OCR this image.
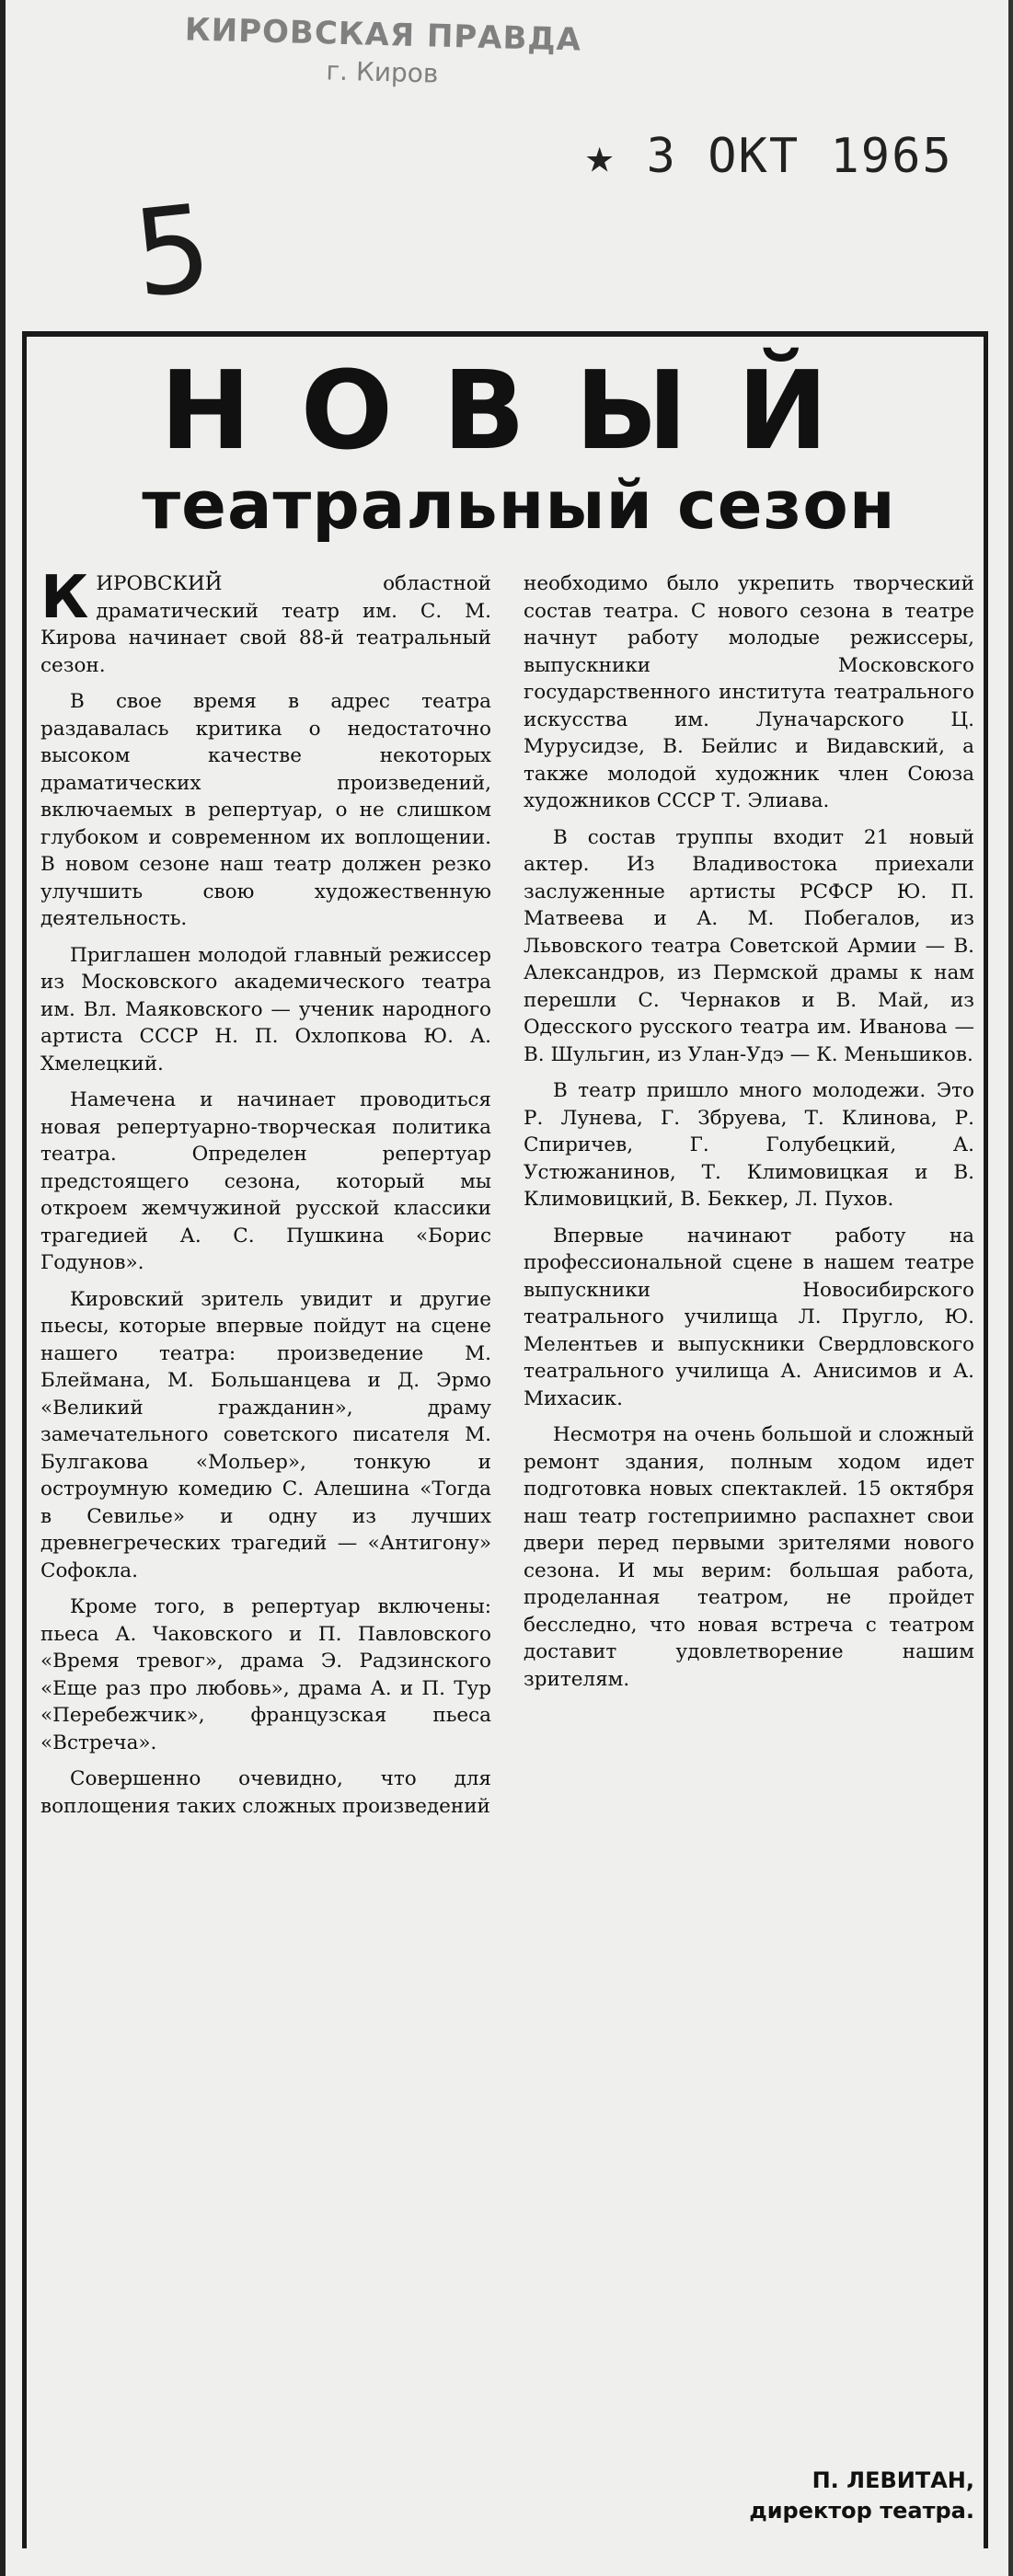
КИРОВСКАЯ ПРАВДА
г. Киров
★ 3 ОКТ 1965
5
НОВЫЙ
театральный сезон

КИРОВСКИЙ областной драматический театр им. С. М. Кирова начинает свой 88-й театральный сезон.

В свое время в адрес театра раздавалась критика о недостаточно высоком качестве некоторых драматических произведений, включаемых в репертуар, о не слишком глубоком и современном их воплощении. В новом сезоне наш театр должен резко улучшить свою художественную деятельность.

Приглашен молодой главный режиссер из Московского академического театра им. Вл. Маяковского — ученик народного артиста СССР Н. П. Охлопкова Ю. А. Хмелецкий.

Намечена и начинает проводиться новая репертуарно-творческая политика театра. Определен репертуар предстоящего сезона, который мы откроем жемчужиной русской классики трагедией А. С. Пушкина «Борис Годунов».

Кировский зритель увидит и другие пьесы, которые впервые пойдут на сцене нашего театра: произведение М. Блеймана, М. Большанцева и Д. Эрмо «Великий гражданин», драму замечательного советского писателя М. Булгакова «Мольер», тонкую и остроумную комедию С. Алешина «Тогда в Севилье» и одну из лучших древнегреческих трагедий — «Антигону» Софокла.

Кроме того, в репертуар включены: пьеса А. Чаковского и П. Павловского «Время тревог», драма Э. Радзинского «Еще раз про любовь», драма А. и П. Тур «Перебежчик», французская пьеса «Встреча».

Совершенно очевидно, что для воплощения таких сложных произведений

необходимо было укрепить творческий состав театра. С нового сезона в театре начнут работу молодые режиссеры, выпускники Московского государственного института театрального искусства им. Луначарского Ц. Мурусидзе, В. Бейлис и Видавский, а также молодой художник член Союза художников СССР Т. Элиава.

В состав труппы входит 21 новый актер. Из Владивостока приехали заслуженные артисты РСФСР Ю. П. Матвеева и А. М. Побегалов, из Львовского театра Советской Армии — В. Александров, из Пермской драмы к нам перешли С. Чернаков и В. Май, из Одесского русского театра им. Иванова — В. Шульгин, из Улан-Удэ — К. Меньшиков.

В театр пришло много молодежи. Это Р. Лунева, Г. Збруева, Т. Клинова, Р. Спиричев, Г. Голубецкий, А. Устюжанинов, Т. Климовицкая и В. Климовицкий, В. Беккер, Л. Пухов.

Впервые начинают работу на профессиональной сцене в нашем театре выпускники Новосибирского театрального училища Л. Пругло, Ю. Мелентьев и выпускники Свердловского театрального училища А. Анисимов и А. Михасик.

Несмотря на очень большой и сложный ремонт здания, полным ходом идет подготовка новых спектаклей. 15 октября наш театр гостеприимно распахнет свои двери перед первыми зрителями нового сезона. И мы верим: большая работа, проделанная театром, не пройдет бесследно, что новая встреча с театром доставит удовлетворение нашим зрителям.

П. ЛЕВИТАН,
директор театра.
